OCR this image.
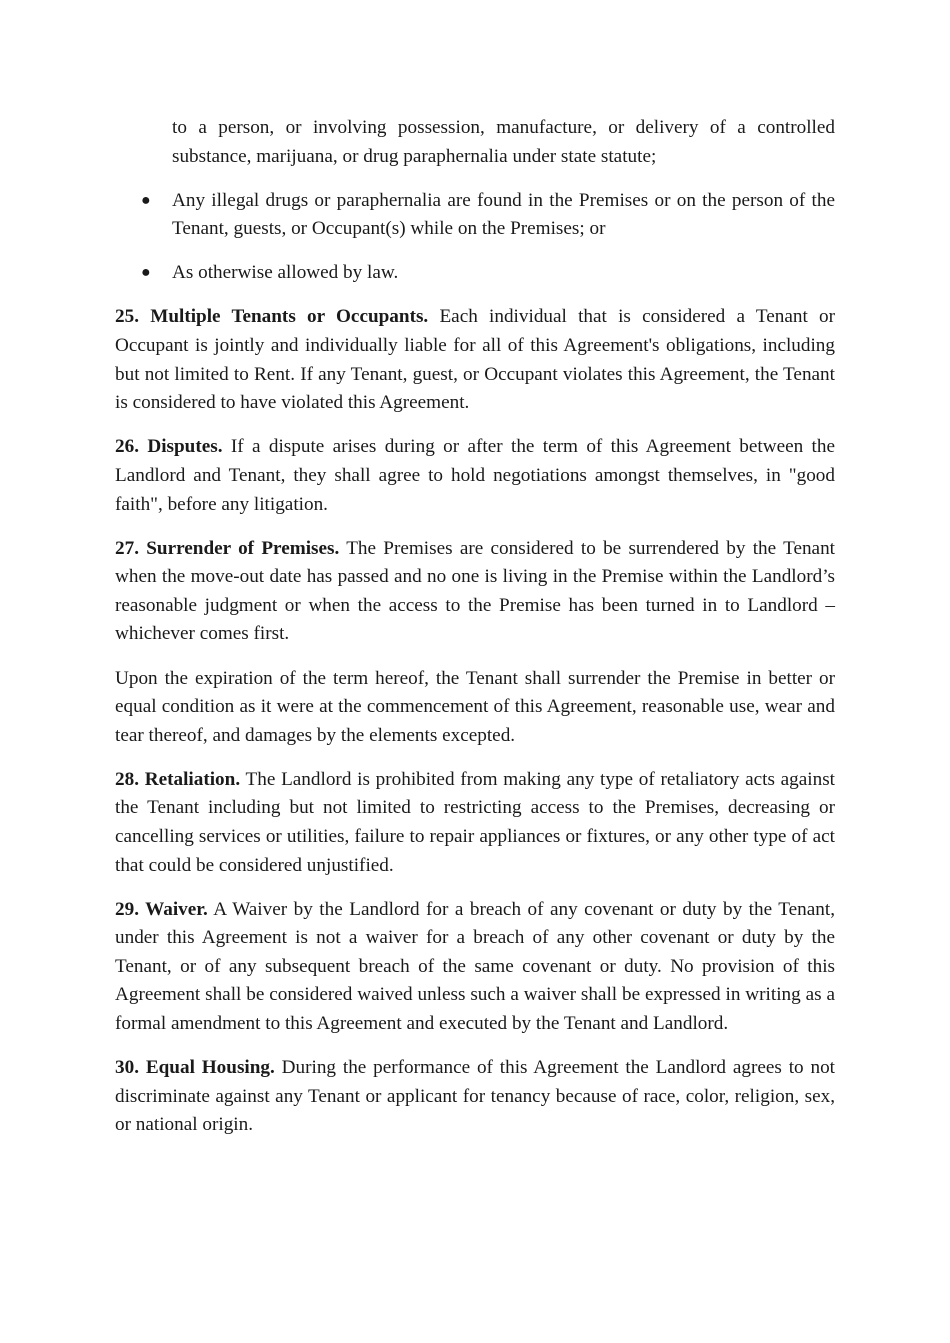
to a person, or involving possession, manufacture, or delivery of a controlled substance, marijuana, or drug paraphernalia under state statute;

● Any illegal drugs or paraphernalia are found in the Premises or on the person of the Tenant, guests, or Occupant(s) while on the Premises; or
● As otherwise allowed by law.

25. Multiple Tenants or Occupants. Each individual that is considered a Tenant or Occupant is jointly and individually liable for all of this Agreement's obligations, including but not limited to Rent. If any Tenant, guest, or Occupant violates this Agreement, the Tenant is considered to have violated this Agreement.

26. Disputes. If a dispute arises during or after the term of this Agreement between the Landlord and Tenant, they shall agree to hold negotiations amongst themselves, in "good faith", before any litigation.

27. Surrender of Premises. The Premises are considered to be surrendered by the Tenant when the move-out date has passed and no one is living in the Premise within the Landlord’s reasonable judgment or when the access to the Premise has been turned in to Landlord – whichever comes first.

Upon the expiration of the term hereof, the Tenant shall surrender the Premise in better or equal condition as it were at the commencement of this Agreement, reasonable use, wear and tear thereof, and damages by the elements excepted.

28. Retaliation. The Landlord is prohibited from making any type of retaliatory acts against the Tenant including but not limited to restricting access to the Premises, decreasing or cancelling services or utilities, failure to repair appliances or fixtures, or any other type of act that could be considered unjustified.

29. Waiver. A Waiver by the Landlord for a breach of any covenant or duty by the Tenant, under this Agreement is not a waiver for a breach of any other covenant or duty by the Tenant, or of any subsequent breach of the same covenant or duty. No provision of this Agreement shall be considered waived unless such a waiver shall be expressed in writing as a formal amendment to this Agreement and executed by the Tenant and Landlord.

30. Equal Housing. During the performance of this Agreement the Landlord agrees to not discriminate against any Tenant or applicant for tenancy because of race, color, religion, sex, or national origin.
